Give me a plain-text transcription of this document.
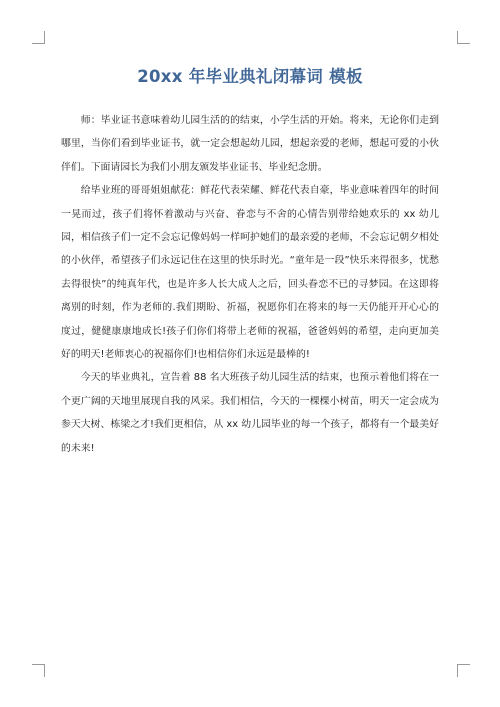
20xx 年毕业典礼闭幕词 模板

师：毕业证书意味着幼儿园生活的的结束，小学生活的开始。将来，无论你们走到哪里，当你们看到毕业证书，就一定会想起幼儿园，想起亲爱的老师，想起可爱的小伙伴们。下面请园长为我们小朋友颁发毕业证书、毕业纪念册。

给毕业班的哥哥姐姐献花：鲜花代表荣耀、鲜花代表自豪，毕业意味着四年的时间一晃而过，孩子们将怀着激动与兴奋、眷恋与不舍的心情告别带给她欢乐的 xx 幼儿园，相信孩子们一定不会忘记像妈妈一样呵护她们的最亲爱的老师，不会忘记朝夕相处的小伙伴，希望孩子们永远记住在这里的快乐时光。“童年是一段”快乐来得很多，忧愁去得很快”的纯真年代，也是许多人长大成人之后，回头眷恋不已的寻梦园。在这即将离别的时刻，作为老师的.我们期盼、祈福，祝愿你们在将来的每一天仍能开开心心的度过，健健康康地成长!孩子们你们将带上老师的祝福，爸爸妈妈的希望，走向更加美好的明天!老师衷心的祝福你们!也相信你们永远是最棒的!

今天的毕业典礼，宣告着 88 名大班孩子幼儿园生活的结束，也预示着他们将在一个更广阔的天地里展现自我的风采。我们相信，今天的一棵棵小树苗，明天一定会成为参天大树、栋梁之才!我们更相信，从 xx 幼儿园毕业的每一个孩子，都将有一个最美好的未来!
